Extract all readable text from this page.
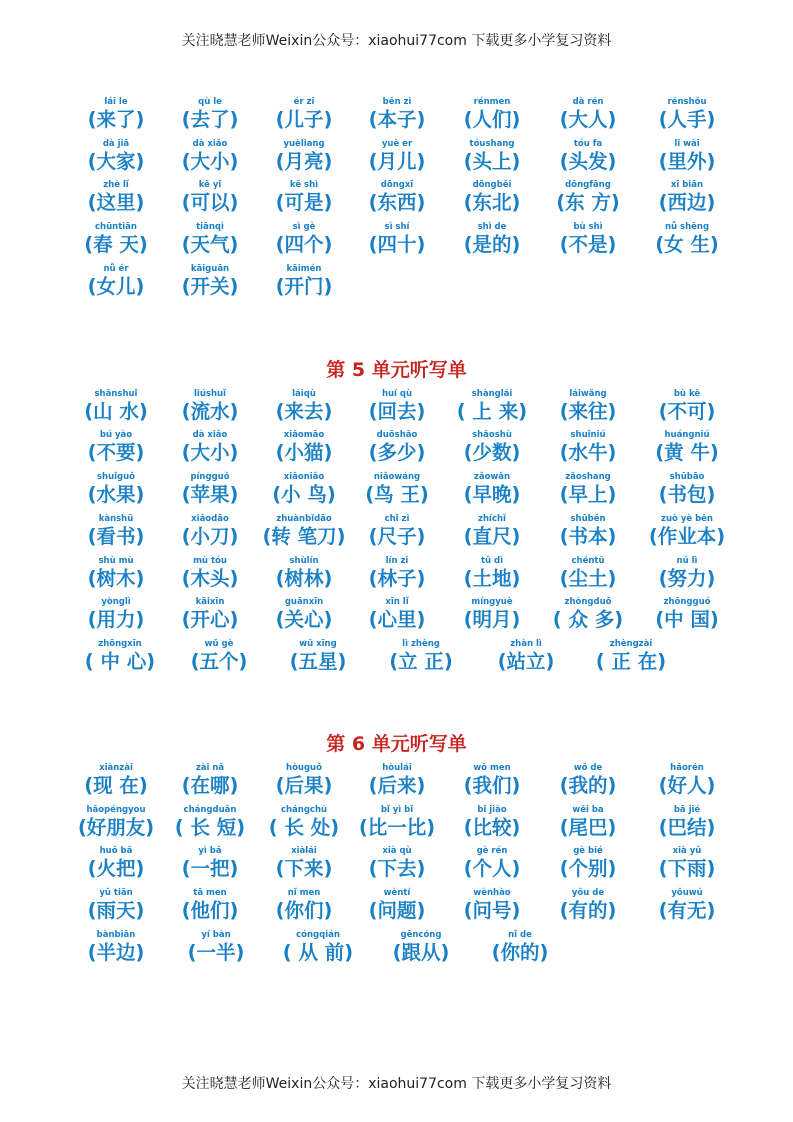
关注晓慧老师Weixin公众号：xiaohui77com 下载更多小学复习资料
lái le
(来了)
qù le
(去了)
ér zi
(儿子)
běn zi
(本子)
rénmen
(人们)
dà rén
(大人)
rénshǒu
(人手)
dà jiā
(大家)
dà xiǎo
(大小)
yuèliang
(月亮)
yuè er
(月儿)
tóushang
(头上)
tóu fa
(头发)
lǐ wài
(里外)
zhè lǐ
(这里)
kě yǐ
(可以)
kě shì
(可是)
dōngxī
(东西)
dōngběi
(东北)
dōngfāng
(东 方)
xī biān
(西边)
chūntiān
(春 天)
tiānqì
(天气)
sì gè
(四个)
sì shí
(四十)
shì de
(是的)
bù shì
(不是)
nǚ shēng
(女 生)
nǚ ér
(女儿)
kāiguān
(开关)
kāimén
(开门)
第 5 单元听写单
shānshuǐ
(山 水)
liúshuǐ
(流水)
láiqù
(来去)
huí qù
(回去)
shànglái
( 上 来)
láiwǎng
(来往)
bù kě
(不可)
bú yào
(不要)
dà xiǎo
(大小)
xiǎomāo
(小猫)
duōshǎo
(多少)
shǎoshù
(少数)
shuǐniú
(水牛)
huángniú
(黄 牛)
shuǐguǒ
(水果)
píngguǒ
(苹果)
xiǎoniǎo
(小 鸟)
niǎowáng
(鸟 王)
zǎowǎn
(早晚)
zǎoshang
(早上)
shūbāo
(书包)
kànshū
(看书)
xiǎodāo
(小刀)
zhuànbǐdāo
(转 笔刀)
chǐ zi
(尺子)
zhíchǐ
(直尺)
shūběn
(书本)
zuò yè běn
(作业本)
shù mù
(树木)
mù tóu
(木头)
shùlín
(树林)
lín zi
(林子)
tǔ dì
(土地)
chéntǔ
(尘土)
nǔ lì
(努力)
yònglì
(用力)
kāixīn
(开心)
guānxīn
(关心)
xīn lǐ
(心里)
míngyuè
(明月)
zhòngduō
( 众 多)
zhōngguó
(中 国)
zhōngxīn
( 中 心)
wǔ gè
(五个)
wǔ xīng
(五星)
lì zhèng
(立 正)
zhàn lì
(站立)
zhèngzài
( 正 在)
第 6 单元听写单
xiànzài
(现 在)
zài nǎ
(在哪)
hòuguǒ
(后果)
hòulái
(后来)
wǒ men
(我们)
wǒ de
(我的)
hǎorén
(好人)
hǎopéngyou
(好朋友)
chángduǎn
( 长 短)
chángchù
( 长 处)
bǐ yì bǐ
(比一比)
bǐ jiào
(比较)
wěi ba
(尾巴)
bā jié
(巴结)
huǒ bǎ
(火把)
yì bǎ
(一把)
xiàlái
(下来)
xià qù
(下去)
gè rén
(个人)
gè bié
(个别)
xià yǔ
(下雨)
yǔ tiān
(雨天)
tā men
(他们)
nǐ men
(你们)
wèntí
(问题)
wènhào
(问号)
yǒu de
(有的)
yǒuwú
(有无)
bànbiān
(半边)
yí bàn
(一半)
cóngqián
( 从 前)
gēncóng
(跟从)
nǐ de
(你的)
关注晓慧老师Weixin公众号：xiaohui77com 下载更多小学复习资料
